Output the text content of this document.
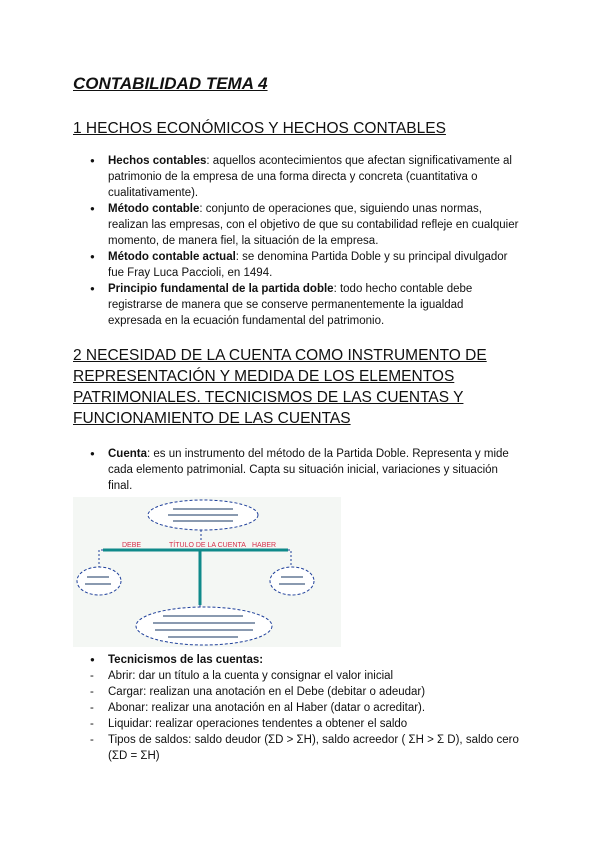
CONTABILIDAD TEMA 4
1 HECHOS ECONÓMICOS Y HECHOS CONTABLES
● Hechos contables: aquellos acontecimientos que afectan significativamente al patrimonio de la empresa de una forma directa y concreta (cuantitativa o cualitativamente).
● Método contable: conjunto de operaciones que, siguiendo unas normas, realizan las empresas, con el objetivo de que su contabilidad refleje en cualquier momento, de manera fiel, la situación de la empresa.
● Método contable actual: se denomina Partida Doble y su principal divulgador fue Fray Luca Paccioli, en 1494.
● Principio fundamental de la partida doble: todo hecho contable debe registrarse de manera que se conserve permanentemente la igualdad expresada en la ecuación fundamental del patrimonio.
2 NECESIDAD DE LA CUENTA COMO INSTRUMENTO DE
REPRESENTACIÓN Y MEDIDA DE LOS ELEMENTOS
PATRIMONIALES. TECNICISMOS DE LAS CUENTAS Y
FUNCIONAMIENTO DE LAS CUENTAS
● Cuenta: es un instrumento del método de la Partida Doble. Representa y mide cada elemento patrimonial. Capta su situación inicial, variaciones y situación final.
DEBE	TÍTULO DE LA CUENTA HABER
● Tecnicismos de las cuentas:
- Abrir: dar un título a la cuenta y consignar el valor inicial
- Cargar: realizan una anotación en el Debe (debitar o adeudar)
- Abonar: realizar una anotación en al Haber (datar o acreditar).
- Liquidar: realizar operaciones tendentes a obtener el saldo
- Tipos de saldos: saldo deudor (ΣD > ΣH), saldo acreedor ( ΣH > Σ D), saldo cero (ΣD = ΣH)
